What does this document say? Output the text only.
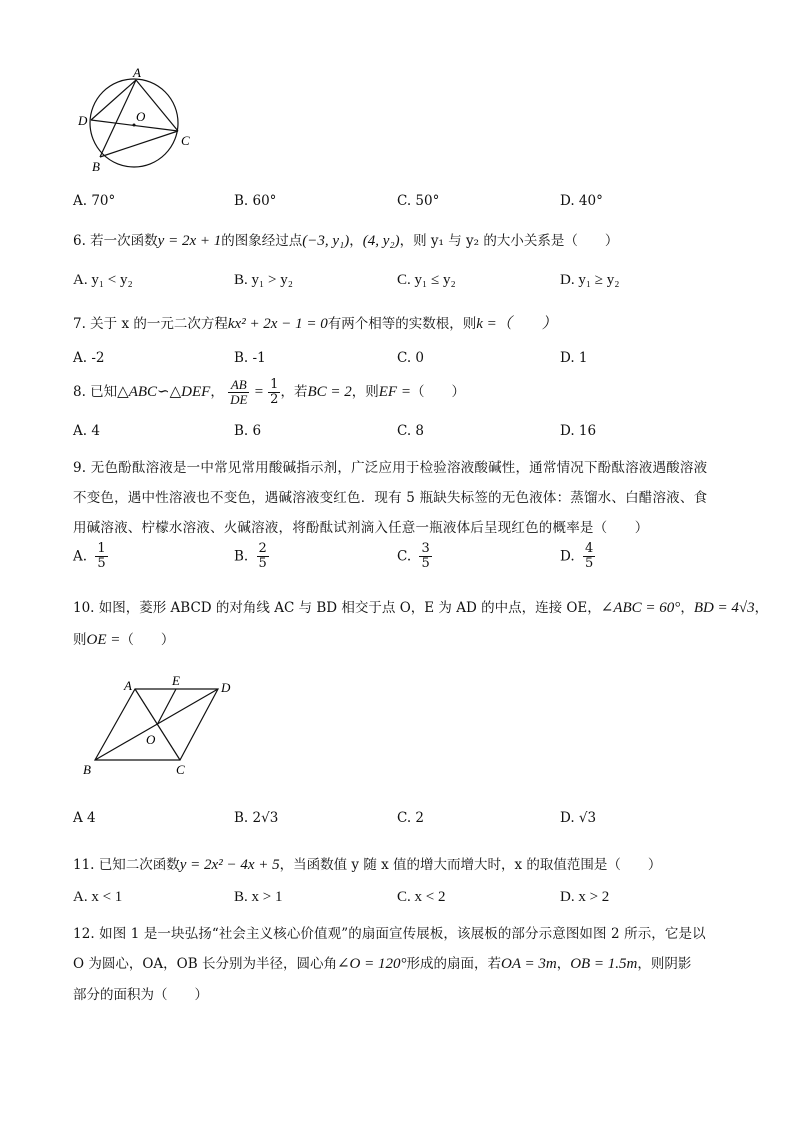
A
D	O
C
B
A. 70°	B. 60°	C. 50°	D. 40°
6. 若一次函数y = 2x + 1的图象经过点(−3, y₁)，(4, y₂)，则 y₁ 与 y₂ 的大小关系是（　　）
A. y₁ < y₂	B. y₁ > y₂	C. y₁ ≤ y₂	D. y₁ ≥ y₂
7. 关于 x 的一元二次方程kx² + 2x − 1 = 0有两个相等的实数根，则k =（　　）
A. -2	B. -1	C. 0	D. 1
8. 已知△ABC∽△DEF， $\frac{AB}{DE} = \frac{1}{2}$ ，若BC = 2，则EF =（　　）
A. 4	B. 6	C. 8	D. 16
9. 无色酚酞溶液是一中常见常用酸碱指示剂，广泛应用于检验溶液酸碱性，通常情况下酚酞溶液遇酸溶液
不变色，遇中性溶液也不变色，遇碱溶液变红色．现有 5 瓶缺失标签的无色液体：蒸馏水、白醋溶液、食
用碱溶液、柠檬水溶液、火碱溶液，将酚酞试剂滴入任意一瓶液体后呈现红色的概率是（　　）
A. $\frac{1}{5}$	B. $\frac{2}{5}$	C. $\frac{3}{5}$	D. $\frac{4}{5}$
10. 如图，菱形 ABCD 的对角线 AC 与 BD 相交于点 O，E 为 AD 的中点，连接 OE，∠ABC = 60°，BD = 4√3，
则OE =（　　）
A	E	D
O
B	C
A 4	B. 2√3	C. 2	D. √3
11. 已知二次函数y = 2x² − 4x + 5，当函数值 y 随 x 值的增大而增大时，x 的取值范围是（　　）
A. x < 1	B. x > 1	C. x < 2	D. x > 2
12. 如图 1 是一块弘扬“社会主义核心价值观”的扇面宣传展板，该展板的部分示意图如图 2 所示，它是以
O 为圆心，OA，OB 长分别为半径，圆心角∠O = 120°形成的扇面，若OA = 3m，OB = 1.5m，则阴影
部分的面积为（　　）
